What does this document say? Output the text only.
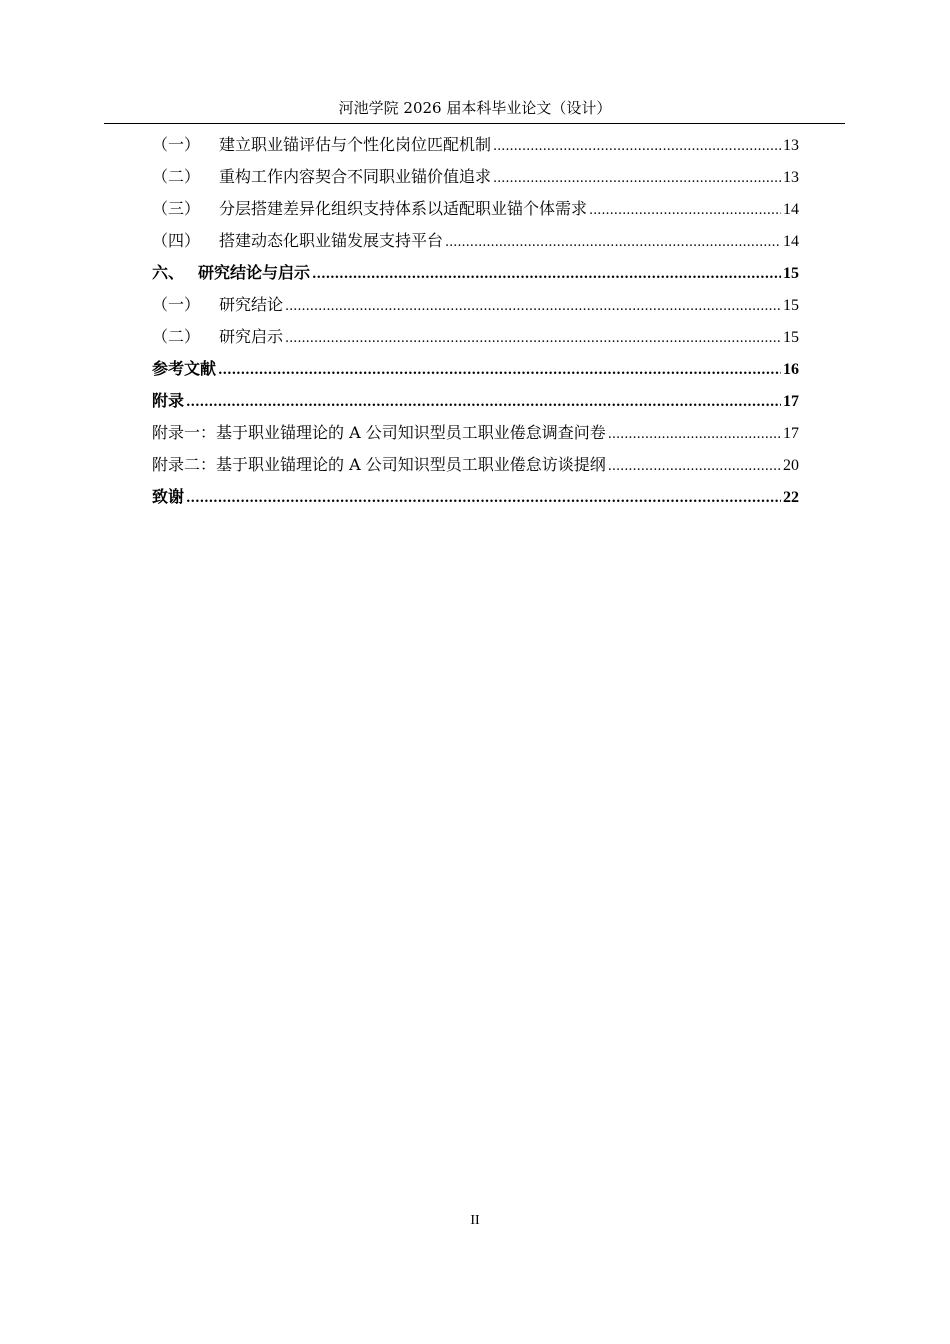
河池学院 2026 届本科毕业论文（设计）
（一）	建立职业锚评估与个性化岗位匹配机制 .....	13
（二）	重构工作内容契合不同职业锚价值追求 .....	13
（三）	分层搭建差异化组织支持体系以适配职业锚个体需求 .....	14
（四）	搭建动态化职业锚发展支持平台 .....	14
六、 研究结论与启示 .....	15
（一）	研究结论 .....	15
（二）	研究启示 .....	15
参考文献 .....	16
附录 .....	17
附录一：基于职业锚理论的 A 公司知识型员工职业倦怠调查问卷 .....	17
附录二：基于职业锚理论的 A 公司知识型员工职业倦怠访谈提纲 .....	20
致谢 .....	22
II
